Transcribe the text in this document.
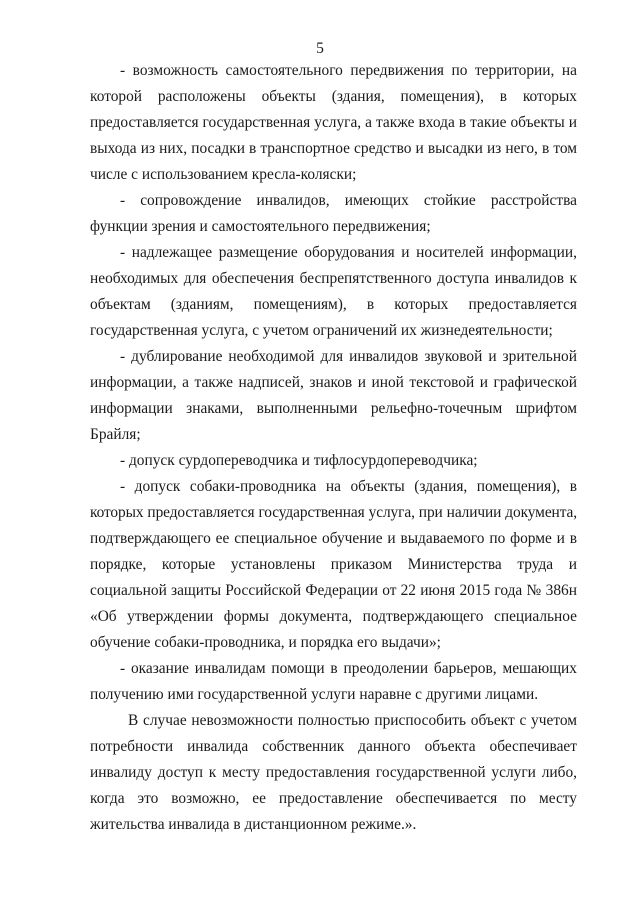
5
- возможность самостоятельного передвижения по территории, на
которой расположены объекты (здания, помещения), в которых
предоставляется государственная услуга, а также входа в такие объекты и
выхода из них, посадки в транспортное средство и высадки из него, в том
числе с использованием кресла-коляски;
- сопровождение инвалидов, имеющих стойкие расстройства
функции зрения и самостоятельного передвижения;
- надлежащее размещение оборудования и носителей информации,
необходимых для обеспечения беспрепятственного доступа инвалидов к
объектам (зданиям, помещениям), в которых предоставляется
государственная услуга, с учетом ограничений их жизнедеятельности;
- дублирование необходимой для инвалидов звуковой и зрительной
информации, а также надписей, знаков и иной текстовой и графической
информации знаками, выполненными рельефно-точечным шрифтом
Брайля;
- допуск сурдопереводчика и тифлосурдопереводчика;
- допуск собаки-проводника на объекты (здания, помещения), в
которых предоставляется государственная услуга, при наличии документа,
подтверждающего ее специальное обучение и выдаваемого по форме и в
порядке, которые установлены приказом Министерства труда и
социальной защиты Российской Федерации от 22 июня 2015 года № 386н
«Об утверждении формы документа, подтверждающего специальное
обучение собаки-проводника, и порядка его выдачи»;
- оказание инвалидам помощи в преодолении барьеров, мешающих
получению ими государственной услуги наравне с другими лицами.
В случае невозможности полностью приспособить объект с учетом
потребности инвалида собственник данного объекта обеспечивает
инвалиду доступ к месту предоставления государственной услуги либо,
когда это возможно, ее предоставление обеспечивается по месту
жительства инвалида в дистанционном режиме.».
